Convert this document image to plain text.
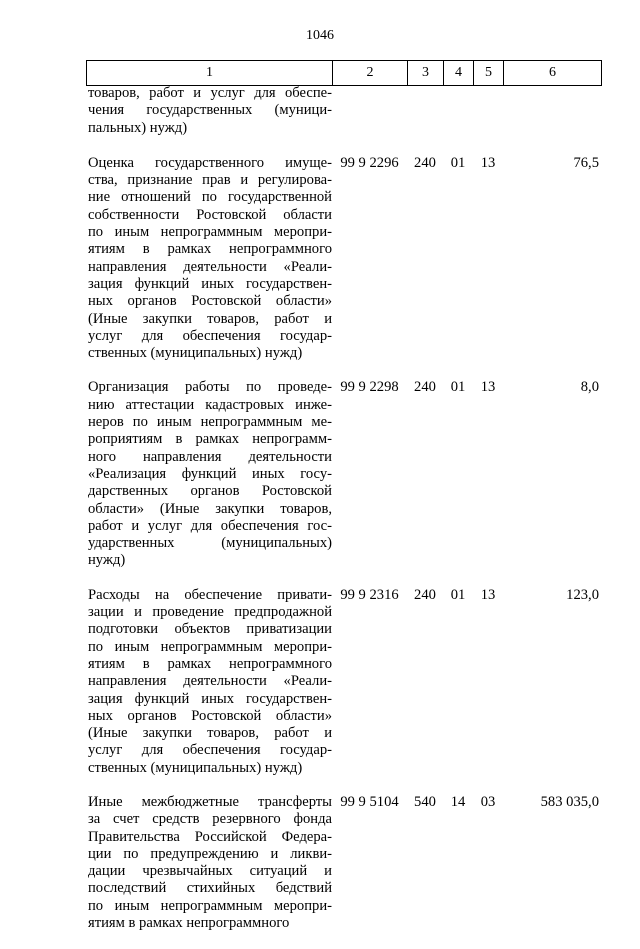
1046
1	2	3	4	5	6
товаров, работ и услуг для обеспе-
чения государственных (муници-
пальных) нужд)
Оценка государственного имуще-
ства, признание прав и регулирова-
ние отношений по государственной
собственности Ростовской области
по иным непрограммным меропри-
ятиям в рамках непрограммного
направления деятельности «Реали-
зация функций иных государствен-
ных органов Ростовской области»
(Иные закупки товаров, работ и
услуг для обеспечения государ-
ственных (муниципальных) нужд)
99 9 2296	240	01	13	76,5
Организация работы по проведе-
нию аттестации кадастровых инже-
неров по иным непрограммным ме-
роприятиям в рамках непрограмм-
ного направления деятельности
«Реализация функций иных госу-
дарственных органов Ростовской
области» (Иные закупки товаров,
работ и услуг для обеспечения гос-
ударственных (муниципальных)
нужд)
99 9 2298	240	01	13	8,0
Расходы на обеспечение привати-
зации и проведение предпродажной
подготовки объектов приватизации
по иным непрограммным меропри-
ятиям в рамках непрограммного
направления деятельности «Реали-
зация функций иных государствен-
ных органов Ростовской области»
(Иные закупки товаров, работ и
услуг для обеспечения государ-
ственных (муниципальных) нужд)
99 9 2316	240	01	13	123,0
Иные межбюджетные трансферты
за счет средств резервного фонда
Правительства Российской Федера-
ции по предупреждению и ликви-
дации чрезвычайных ситуаций и
последствий стихийных бедствий
по иным непрограммным меропри-
ятиям в рамках непрограммного
99 9 5104	540	14	03	583 035,0
